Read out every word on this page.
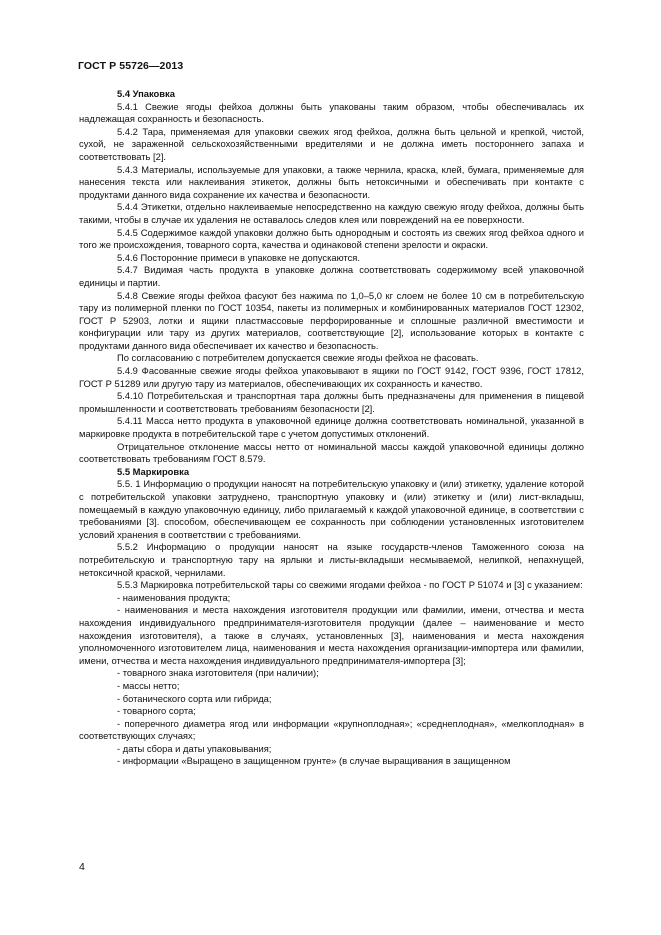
ГОСТ Р 55726—2013

5.4 Упаковка

5.4.1 Свежие ягоды фейхоа должны быть упакованы таким образом, чтобы обеспечивалась их надлежащая сохранность и безопасность.

5.4.2 Тара, применяемая для упаковки свежих ягод фейхоа, должна быть цельной и крепкой, чистой, сухой, не зараженной сельскохозяйственными вредителями и не должна иметь постороннего запаха и соответствовать [2].

5.4.3 Материалы, используемые для упаковки, а также чернила, краска, клей, бумага, применяемые для нанесения текста или наклеивания этикеток, должны быть нетоксичными и обеспечивать при контакте с продуктами данного вида сохранение их качества и безопасности.

5.4.4 Этикетки, отдельно наклеиваемые непосредственно на каждую свежую ягоду фейхоа, должны быть такими, чтобы в случае их удаления не оставалось следов клея или повреждений на ее поверхности.

5.4.5 Содержимое каждой упаковки должно быть однородным и состоять из свежих ягод фейхоа одного и того же происхождения, товарного сорта, качества и одинаковой степени зрелости и окраски.

5.4.6 Посторонние примеси в упаковке не допускаются.

5.4.7 Видимая часть продукта в упаковке должна соответствовать содержимому всей упаковочной единицы и партии.

5.4.8 Свежие ягоды фейхоа фасуют без нажима по 1,0–5,0 кг слоем не более 10 см в потребительскую тару из полимерной пленки по ГОСТ 10354, пакеты из полимерных и комбинированных материалов ГОСТ 12302, ГОСТ Р 52903, лотки и ящики пластмассовые перфорированные и сплошные различной вместимости и конфигурации или тару из других материалов, соответствующие [2], использование которых в контакте с продуктами данного вида обеспечивает их качество и безопасность.

По согласованию с потребителем допускается свежие ягоды фейхоа не фасовать.

5.4.9 Фасованные свежие ягоды фейхоа упаковывают в ящики по ГОСТ 9142, ГОСТ 9396, ГОСТ 17812, ГОСТ Р 51289 или другую тару из материалов, обеспечивающих их сохранность и качество.

5.4.10 Потребительская и транспортная тара должны быть предназначены для применения в пищевой промышленности и соответствовать требованиям безопасности [2].

5.4.11 Масса нетто продукта в упаковочной единице должна соответствовать номинальной, указанной в маркировке продукта в потребительской таре с учетом допустимых отклонений.

Отрицательное отклонение массы нетто от номинальной массы каждой упаковочной единицы должно соответствовать требованиям ГОСТ 8.579.

5.5 Маркировка

5.5. 1 Информацию о продукции наносят на потребительскую упаковку и (или) этикетку, удаление которой с потребительской упаковки затруднено, транспортную упаковку и (или) этикетку и (или) лист-вкладыш, помещаемый в каждую упаковочную единицу, либо прилагаемый к каждой упаковочной единице, в соответствии с требованиями [3]. способом, обеспечивающем ее сохранность при соблюдении установленных изготовителем условий хранения в соответствии с требованиями.

5.5.2 Информацию о продукции наносят на языке государств-членов Таможенного союза на потребительскую и транспортную тару на ярлыки и листы-вкладыши несмываемой, нелипкой, непахнущей, нетоксичной краской, чернилами.

5.5.3 Маркировка потребительской тары со свежими ягодами фейхоа - по ГОСТ Р 51074 и [3] с указанием:

- наименования продукта;

- наименования и места нахождения изготовителя продукции или фамилии, имени, отчества и места нахождения индивидуального предпринимателя-изготовителя продукции (далее – наименование и место нахождения изготовителя), а также в случаях, установленных [3], наименования и места нахождения уполномоченного изготовителем лица, наименования и места нахождения организации-импортера или фамилии, имени, отчества и места нахождения индивидуального предпринимателя-импортера [3];

- товарного знака изготовителя (при наличии);

- массы нетто;

- ботанического сорта или гибрида;

- товарного сорта;

- поперечного диаметра ягод или информации «крупноплодная»; «среднеплодная», «мелкоплодная» в соответствующих случаях;

- даты сбора и даты упаковывания;

- информации «Выращено в защищенном грунте» (в случае выращивания в защищенном

4
